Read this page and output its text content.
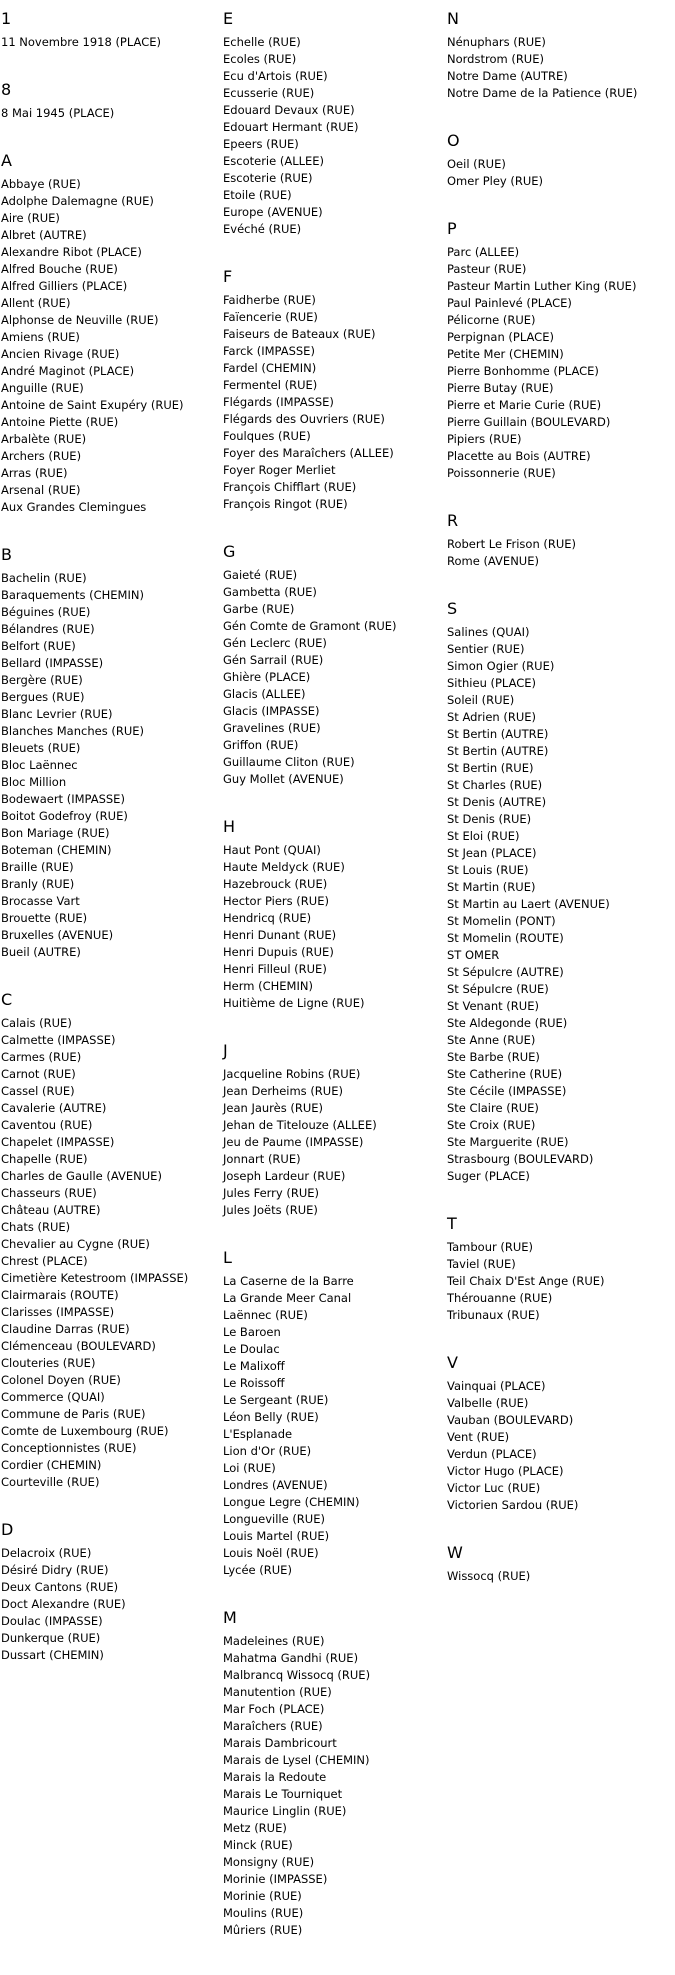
1
11 Novembre 1918 (PLACE)
8
8 Mai 1945 (PLACE)
A
Abbaye (RUE)
Adolphe Dalemagne (RUE)
Aire (RUE)
Albret (AUTRE)
Alexandre Ribot (PLACE)
Alfred Bouche (RUE)
Alfred Gilliers (PLACE)
Allent (RUE)
Alphonse de Neuville (RUE)
Amiens (RUE)
Ancien Rivage (RUE)
André Maginot (PLACE)
Anguille (RUE)
Antoine de Saint Exupéry (RUE)
Antoine Piette (RUE)
Arbalète (RUE)
Archers (RUE)
Arras (RUE)
Arsenal (RUE)
Aux Grandes Clemingues
B
Bachelin (RUE)
Baraquements (CHEMIN)
Béguines (RUE)
Bélandres (RUE)
Belfort (RUE)
Bellard (IMPASSE)
Bergère (RUE)
Bergues (RUE)
Blanc Levrier (RUE)
Blanches Manches (RUE)
Bleuets (RUE)
Bloc Laënnec
Bloc Million
Bodewaert (IMPASSE)
Boitot Godefroy (RUE)
Bon Mariage (RUE)
Boteman (CHEMIN)
Braille (RUE)
Branly (RUE)
Brocasse Vart
Brouette (RUE)
Bruxelles (AVENUE)
Bueil (AUTRE)
C
Calais (RUE)
Calmette (IMPASSE)
Carmes (RUE)
Carnot (RUE)
Cassel (RUE)
Cavalerie (AUTRE)
Caventou (RUE)
Chapelet (IMPASSE)
Chapelle (RUE)
Charles de Gaulle (AVENUE)
Chasseurs (RUE)
Château (AUTRE)
Chats (RUE)
Chevalier au Cygne (RUE)
Chrest (PLACE)
Cimetière Ketestroom (IMPASSE)
Clairmarais (ROUTE)
Clarisses (IMPASSE)
Claudine Darras (RUE)
Clémenceau (BOULEVARD)
Clouteries (RUE)
Colonel Doyen (RUE)
Commerce (QUAI)
Commune de Paris (RUE)
Comte de Luxembourg (RUE)
Conceptionnistes (RUE)
Cordier (CHEMIN)
Courteville (RUE)
D
Delacroix (RUE)
Désiré Didry (RUE)
Deux Cantons (RUE)
Doct Alexandre (RUE)
Doulac (IMPASSE)
Dunkerque (RUE)
Dussart (CHEMIN)
E
Echelle (RUE)
Ecoles (RUE)
Ecu d'Artois (RUE)
Ecusserie (RUE)
Edouard Devaux (RUE)
Edouart Hermant (RUE)
Epeers (RUE)
Escoterie (ALLEE)
Escoterie (RUE)
Etoile (RUE)
Europe (AVENUE)
Evéché (RUE)
F
Faidherbe (RUE)
Faïencerie (RUE)
Faiseurs de Bateaux (RUE)
Farck (IMPASSE)
Fardel (CHEMIN)
Fermentel (RUE)
Flégards (IMPASSE)
Flégards des Ouvriers (RUE)
Foulques (RUE)
Foyer des Maraîchers (ALLEE)
Foyer Roger Merliet
François Chifflart (RUE)
François Ringot (RUE)
G
Gaieté (RUE)
Gambetta (RUE)
Garbe (RUE)
Gén Comte de Gramont (RUE)
Gén Leclerc (RUE)
Gén Sarrail (RUE)
Ghière (PLACE)
Glacis (ALLEE)
Glacis (IMPASSE)
Gravelines (RUE)
Griffon (RUE)
Guillaume Cliton (RUE)
Guy Mollet (AVENUE)
H
Haut Pont (QUAI)
Haute Meldyck (RUE)
Hazebrouck (RUE)
Hector Piers (RUE)
Hendricq (RUE)
Henri Dunant (RUE)
Henri Dupuis (RUE)
Henri Filleul (RUE)
Herm (CHEMIN)
Huitième de Ligne (RUE)
J
Jacqueline Robins (RUE)
Jean Derheims (RUE)
Jean Jaurès (RUE)
Jehan de Titelouze (ALLEE)
Jeu de Paume (IMPASSE)
Jonnart (RUE)
Joseph Lardeur (RUE)
Jules Ferry (RUE)
Jules Joëts (RUE)
L
La Caserne de la Barre
La Grande Meer Canal
Laënnec (RUE)
Le Baroen
Le Doulac
Le Malixoff
Le Roissoff
Le Sergeant (RUE)
Léon Belly (RUE)
L'Esplanade
Lion d'Or (RUE)
Loi (RUE)
Londres (AVENUE)
Longue Legre (CHEMIN)
Longueville (RUE)
Louis Martel (RUE)
Louis Noël (RUE)
Lycée (RUE)
M
Madeleines (RUE)
Mahatma Gandhi (RUE)
Malbrancq Wissocq (RUE)
Manutention (RUE)
Mar Foch (PLACE)
Maraîchers (RUE)
Marais Dambricourt
Marais de Lysel (CHEMIN)
Marais la Redoute
Marais Le Tourniquet
Maurice Linglin (RUE)
Metz (RUE)
Minck (RUE)
Monsigny (RUE)
Morinie (IMPASSE)
Morinie (RUE)
Moulins (RUE)
Mûriers (RUE)
N
Nénuphars (RUE)
Nordstrom (RUE)
Notre Dame (AUTRE)
Notre Dame de la Patience (RUE)
O
Oeil (RUE)
Omer Pley (RUE)
P
Parc (ALLEE)
Pasteur (RUE)
Pasteur Martin Luther King (RUE)
Paul Painlevé (PLACE)
Pélicorne (RUE)
Perpignan (PLACE)
Petite Mer (CHEMIN)
Pierre Bonhomme (PLACE)
Pierre Butay (RUE)
Pierre et Marie Curie (RUE)
Pierre Guillain (BOULEVARD)
Pipiers (RUE)
Placette au Bois (AUTRE)
Poissonnerie (RUE)
R
Robert Le Frison (RUE)
Rome (AVENUE)
S
Salines (QUAI)
Sentier (RUE)
Simon Ogier (RUE)
Sithieu (PLACE)
Soleil (RUE)
St Adrien (RUE)
St Bertin (AUTRE)
St Bertin (AUTRE)
St Bertin (RUE)
St Charles (RUE)
St Denis (AUTRE)
St Denis (RUE)
St Eloi (RUE)
St Jean (PLACE)
St Louis (RUE)
St Martin (RUE)
St Martin au Laert (AVENUE)
St Momelin (PONT)
St Momelin (ROUTE)
ST OMER
St Sépulcre (AUTRE)
St Sépulcre (RUE)
St Venant (RUE)
Ste Aldegonde (RUE)
Ste Anne (RUE)
Ste Barbe (RUE)
Ste Catherine (RUE)
Ste Cécile (IMPASSE)
Ste Claire (RUE)
Ste Croix (RUE)
Ste Marguerite (RUE)
Strasbourg (BOULEVARD)
Suger (PLACE)
T
Tambour (RUE)
Taviel (RUE)
Teil Chaix D'Est Ange (RUE)
Thérouanne (RUE)
Tribunaux (RUE)
V
Vainquai (PLACE)
Valbelle (RUE)
Vauban (BOULEVARD)
Vent (RUE)
Verdun (PLACE)
Victor Hugo (PLACE)
Victor Luc (RUE)
Victorien Sardou (RUE)
W
Wissocq (RUE)
